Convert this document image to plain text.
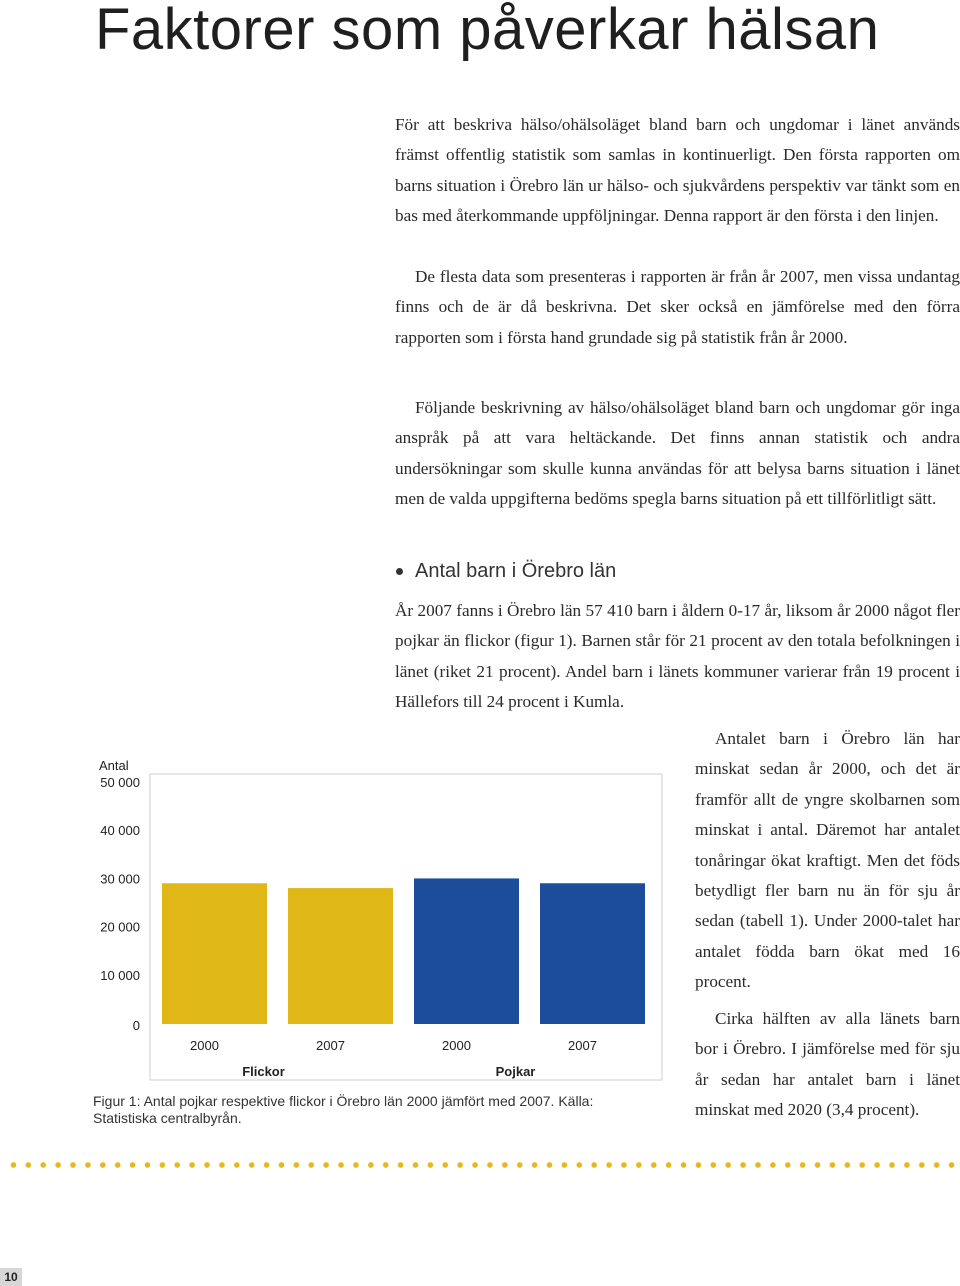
Faktorer som påverkar hälsan

För att beskriva hälso/ohälsoläget bland barn och ungdomar i länet används främst offentlig statistik som samlas in kontinuerligt. Den första rapporten om barns situation i Örebro län ur hälso- och sjukvårdens perspektiv var tänkt som en bas med återkommande uppföljningar. Denna rapport är den första i den linjen.

De flesta data som presenteras i rapporten är från år 2007, men vissa undantag finns och de är då beskrivna. Det sker också en jämförelse med den förra rapporten som i första hand grundade sig på statistik från år 2000.

Följande beskrivning av hälso/ohälsoläget bland barn och ungdomar gör inga anspråk på att vara heltäckande. Det finns annan statistik och andra undersökningar som skulle kunna användas för att belysa barns situation i länet men de valda uppgifterna bedöms spegla barns situation på ett tillförlitligt sätt.

Antal barn i Örebro län

År 2007 fanns i Örebro län 57 410 barn i åldern 0-17 år, liksom år 2000 något fler pojkar än flickor (figur 1). Barnen står för 21 procent av den totala befolkningen i länet (riket 21 procent). Andel barn i länets kommuner varierar från 19 procent i Hällefors till 24 procent i Kumla.

Antalet barn i Örebro län har minskat sedan år 2000, och det är framför allt de yngre skolbarnen som minskat i antal. Däremot har antalet tonåringar ökat kraftigt. Men det föds betydligt fler barn nu än för sju år sedan (tabell 1). Under 2000-talet har antalet födda barn ökat med 16 procent.

Cirka hälften av alla länets barn bor i Örebro. I jämförelse med för sju år sedan har antalet barn i länet minskat med 2020 (3,4 procent).

Antal
0
10 000
20 000
30 000
40 000
50 000
2000	2007	2000	2007
Flickor	Pojkar
Figur 1: Antal pojkar respektive flickor i Örebro län 2000 jämfört med 2007. Källa: Statistiska centralbyrån.
10
